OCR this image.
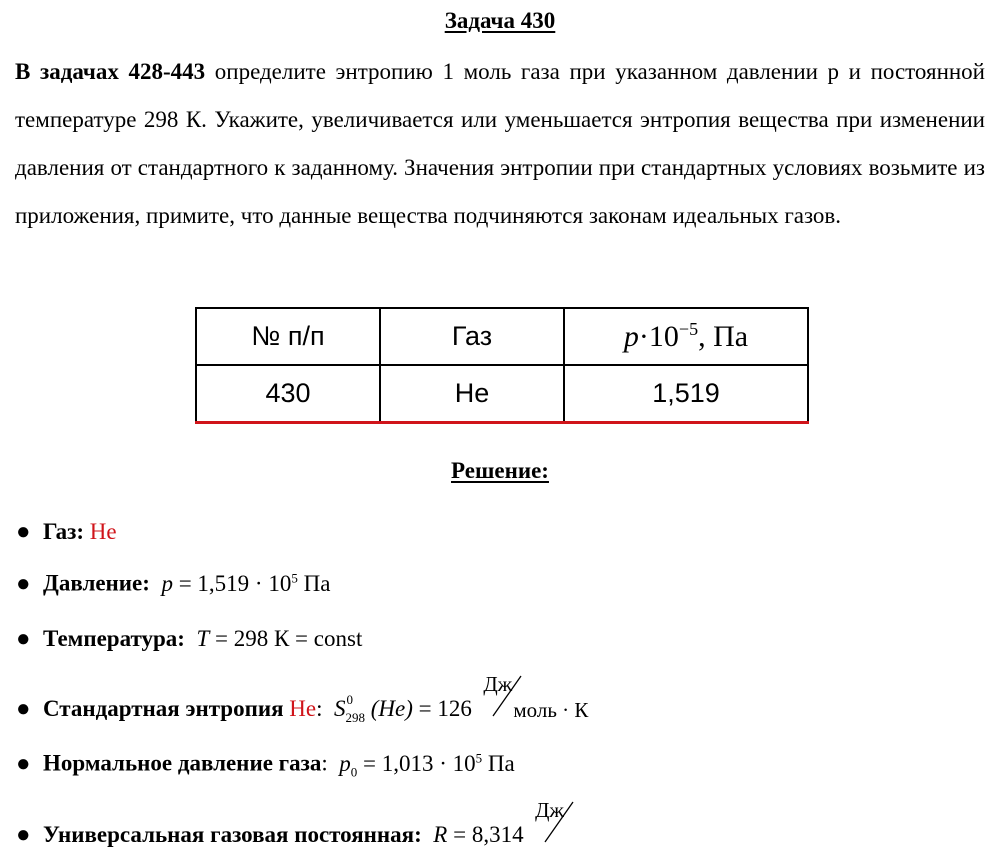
Задача 430
В задачах 428-443 определите энтропию 1 моль газа при указанном давлении р и постоянной температуре 298 К. Укажите, увеличивается или уменьшается энтропия вещества при изменении давления от стандартного к заданному. Значения энтропии при стандартных условиях возьмите из приложения, примите, что данные вещества подчиняются законам идеальных газов.
№ п/п	Газ	$p\cdot 10^{-5}$, Па
430	He	1,519
Решение:
● Газ: He
● Давление: $p = 1,519 \cdot 10^5$ Па
● Температура: T = 298 К = const
● Стандартная энтропия He: S 0
298 (He) = 126
Дж
моль · К
● Нормальное давление газа: $p_0 = 1,013 \cdot 10^5$ Па
● Универсальная газовая постоянная: R = 8,314
Дж
